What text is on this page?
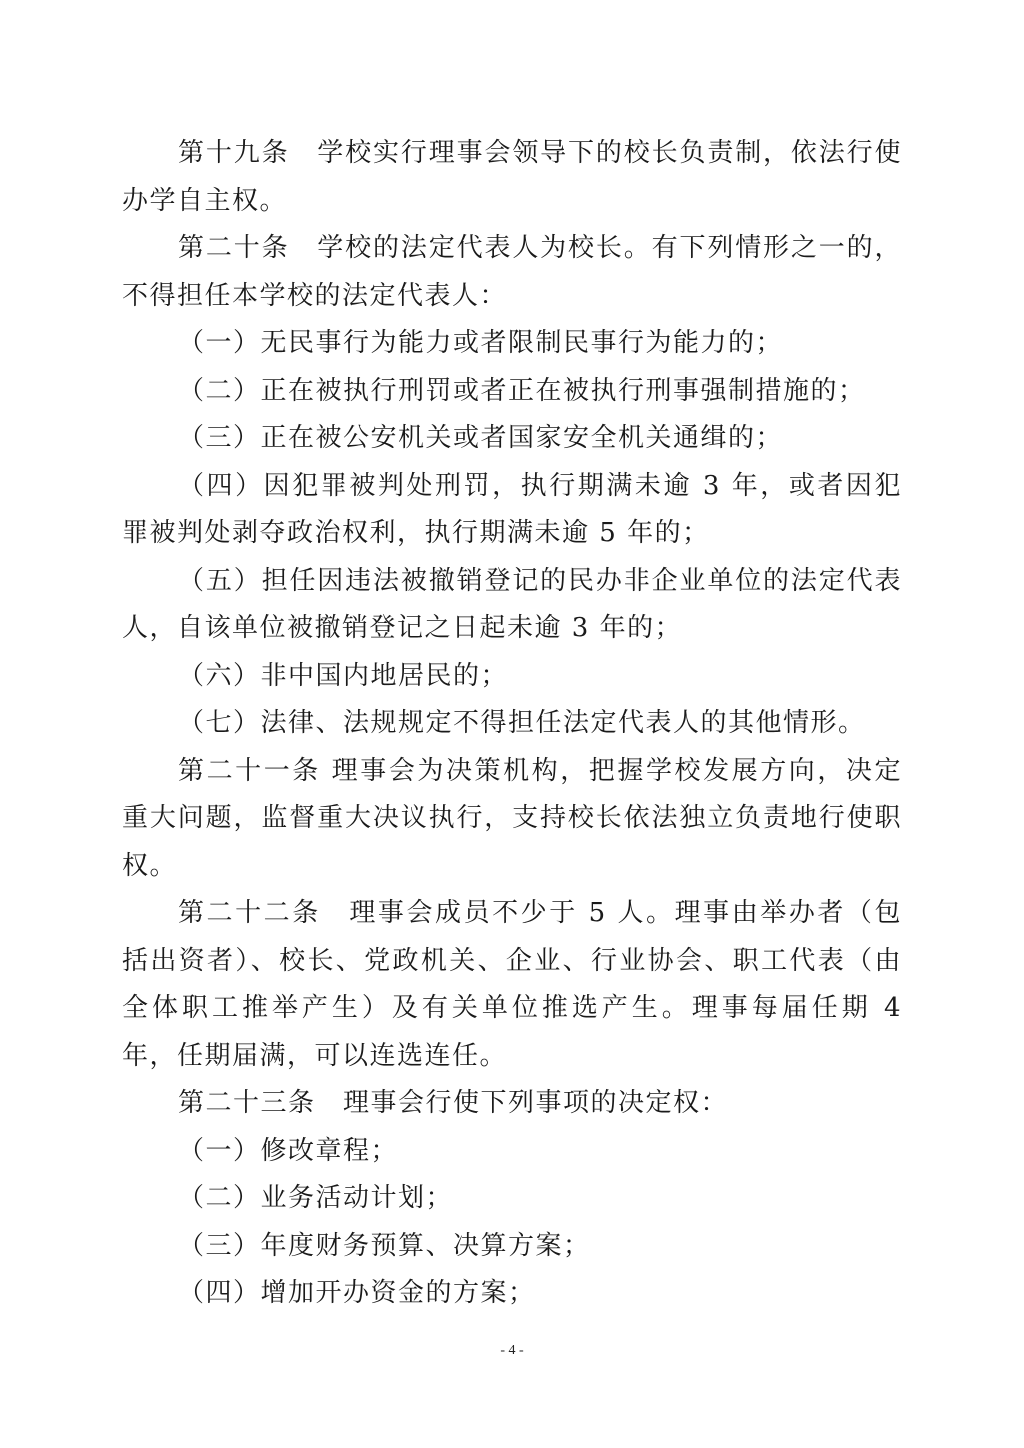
第十九条　学校实行理事会领导下的校长负责制，依法行使办学自主权。

第二十条　学校的法定代表人为校长。有下列情形之一的，不得担任本学校的法定代表人：

（一）无民事行为能力或者限制民事行为能力的；

（二）正在被执行刑罚或者正在被执行刑事强制措施的；

（三）正在被公安机关或者国家安全机关通缉的；

（四）因犯罪被判处刑罚，执行期满未逾 3 年，或者因犯罪被判处剥夺政治权利，执行期满未逾 5 年的；

（五）担任因违法被撤销登记的民办非企业单位的法定代表人，自该单位被撤销登记之日起未逾 3 年的；

（六）非中国内地居民的；

（七）法律、法规规定不得担任法定代表人的其他情形。

第二十一条 理事会为决策机构，把握学校发展方向，决定重大问题，监督重大决议执行，支持校长依法独立负责地行使职权。

第二十二条　理事会成员不少于 5 人。理事由举办者（包括出资者）、校长、党政机关、企业、行业协会、职工代表（由全体职工推举产生）及有关单位推选产生。理事每届任期 4 年，任期届满，可以连选连任。

第二十三条　理事会行使下列事项的决定权：

（一）修改章程；

（二）业务活动计划；

（三）年度财务预算、决算方案；

（四）增加开办资金的方案；

- 4 -
